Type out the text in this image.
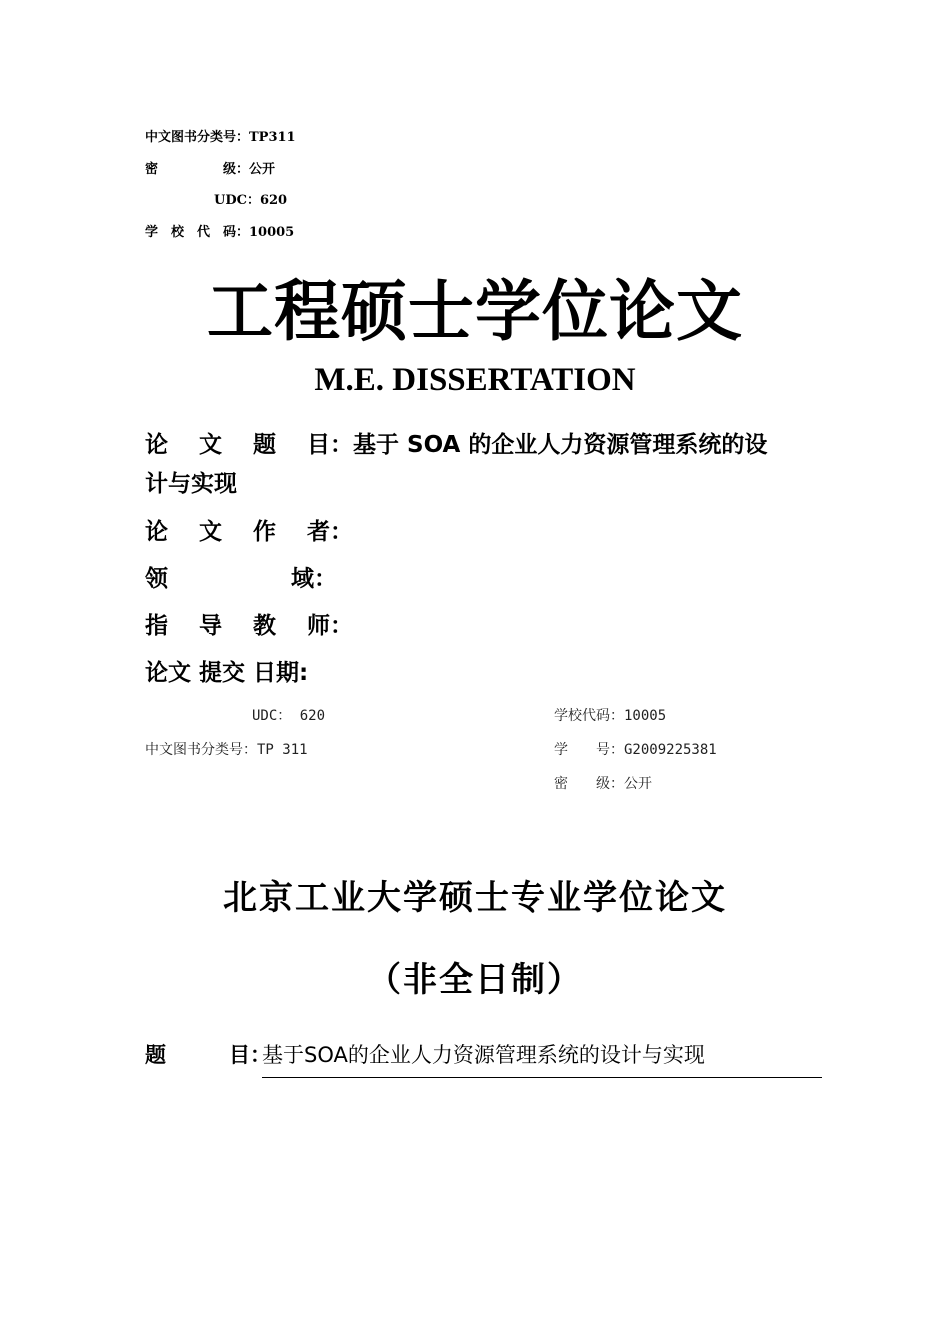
中文图书分类号：TP311
密　　　　　级：公开
UDC：620
学　校　代　码：10005
工程硕士学位论文
M.E. DISSERTATION
论　 文　 题　 目：基于 SOA 的企业人力资源管理系统的设
计与实现
论　 文　 作　 者：
领　　　　　 域：
指　 导　 教　 师：
论文 提交 日期:
UDC： 620
中文图书分类号：TP 311
学校代码：10005
学　　号：G2009225381
密　　级：公开
北京工业大学硕士专业学位论文
（非全日制）
题　　　目：
基于SOA的企业人力资源管理系统的设计与实现
